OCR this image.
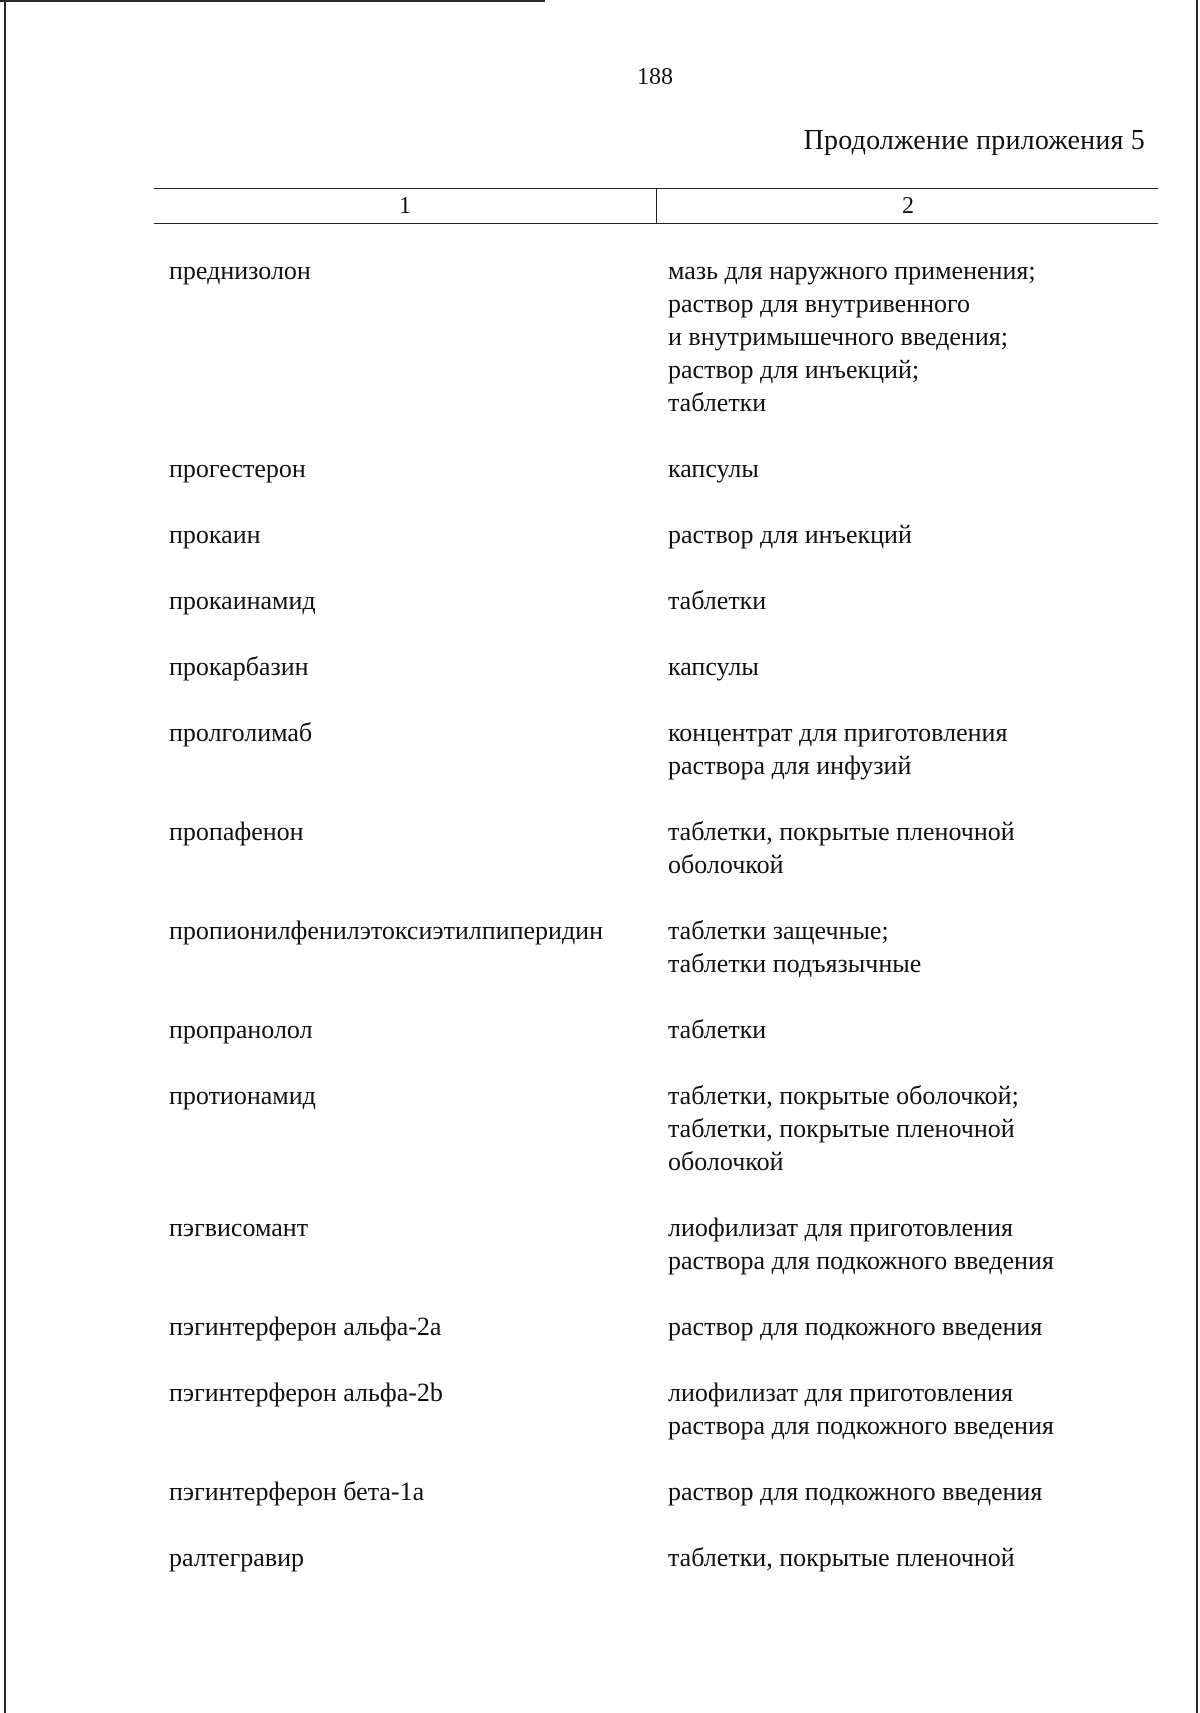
188
Продолжение приложения 5
1	2
преднизолон	мазь для наружного применения;
раствор для внутривенного
и внутримышечного введения;
раствор для инъекций;
таблетки
прогестерон	капсулы
прокаин	раствор для инъекций
прокаинамид	таблетки
прокарбазин	капсулы
пролголимаб	концентрат для приготовления
раствора для инфузий
пропафенон	таблетки, покрытые пленочной
оболочкой
пропионилфенилэтоксиэтилпиперидин	таблетки защечные;
таблетки подъязычные
пропранолол	таблетки
протионамид	таблетки, покрытые оболочкой;
таблетки, покрытые пленочной
оболочкой
пэгвисомант	лиофилизат для приготовления
раствора для подкожного введения
пэгинтерферон альфа-2a	раствор для подкожного введения
пэгинтерферон альфа-2b	лиофилизат для приготовления
раствора для подкожного введения
пэгинтерферон бета-1a	раствор для подкожного введения
ралтегравир	таблетки, покрытые пленочной
